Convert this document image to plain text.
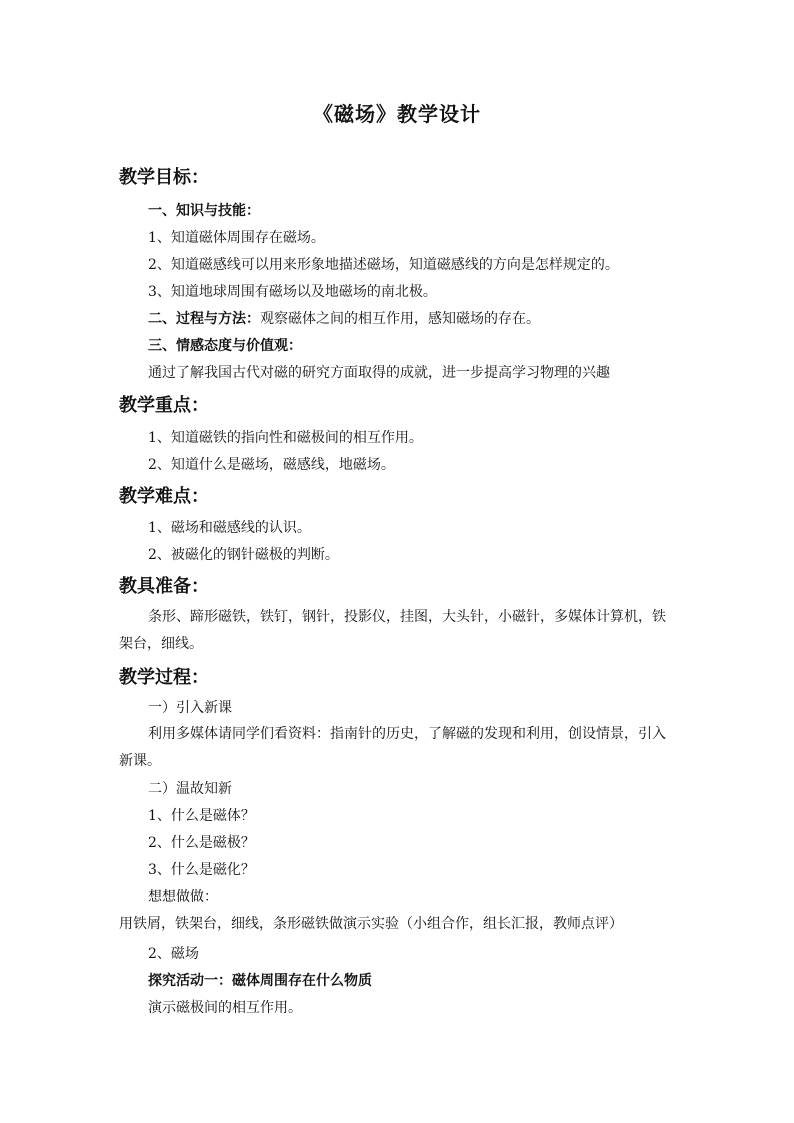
《磁场》教学设计
教学目标：
一、知识与技能：
1、知道磁体周围存在磁场。
2、知道磁感线可以用来形象地描述磁场，知道磁感线的方向是怎样规定的。
3、知道地球周围有磁场以及地磁场的南北极。
二、过程与方法：观察磁体之间的相互作用，感知磁场的存在。
三、情感态度与价值观：
通过了解我国古代对磁的研究方面取得的成就，进一步提高学习物理的兴趣
教学重点：
1、知道磁铁的指向性和磁极间的相互作用。
2、知道什么是磁场，磁感线，地磁场。
教学难点：
1、磁场和磁感线的认识。
2、被磁化的钢针磁极的判断。
教具准备：
条形、蹄形磁铁，铁钉，钢针，投影仪，挂图，大头针，小磁针，多媒体计算机，铁架台，细线。
教学过程：
一）引入新课
利用多媒体请同学们看资料：指南针的历史，了解磁的发现和利用，创设情景，引入新课。
二）温故知新
1、什么是磁体？
2、什么是磁极？
3、什么是磁化？
想想做做：
用铁屑，铁架台，细线，条形磁铁做演示实验（小组合作，组长汇报，教师点评）
2、磁场
探究活动一：磁体周围存在什么物质
演示磁极间的相互作用。
